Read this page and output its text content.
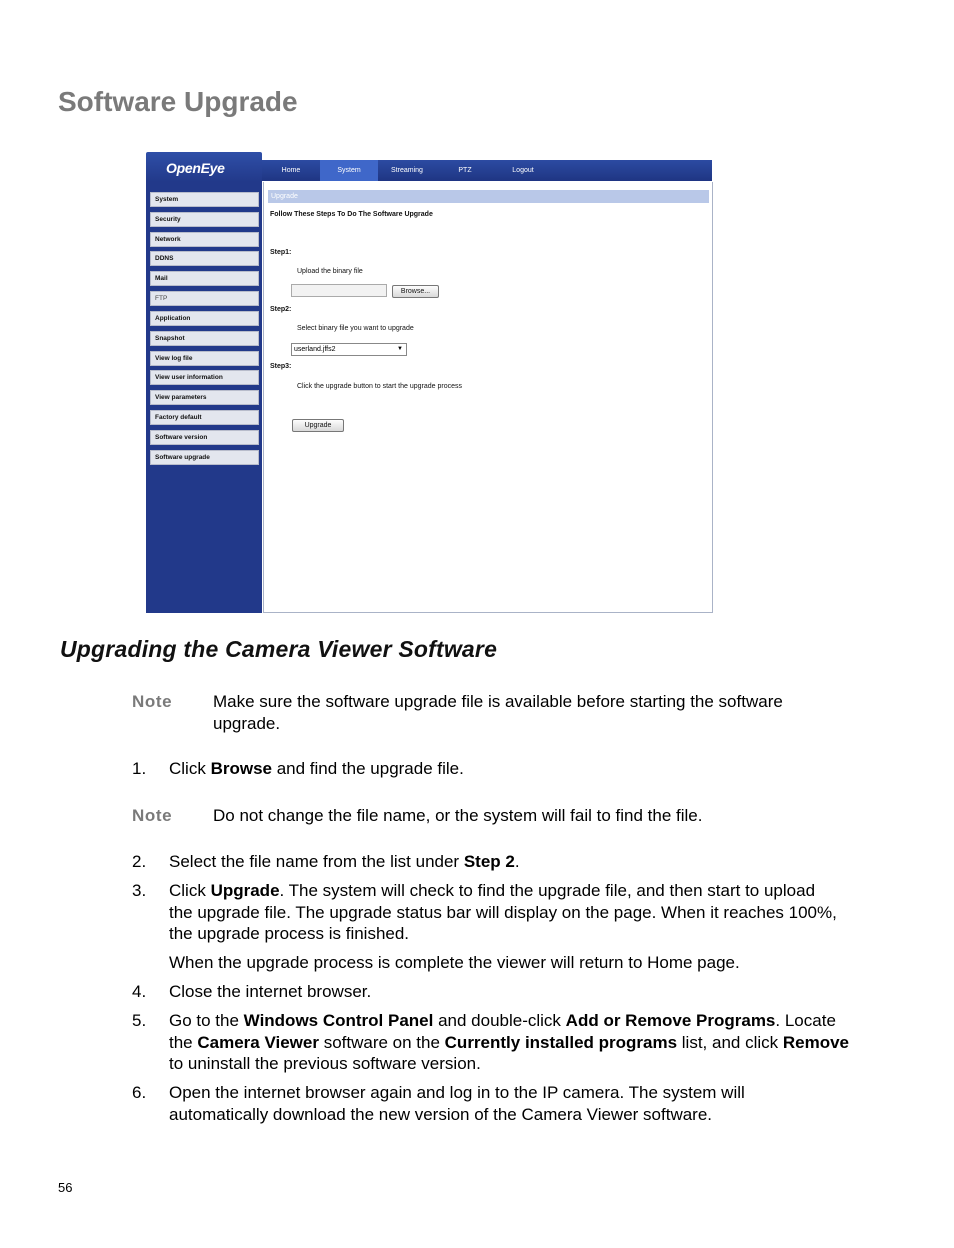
Software Upgrade
OpenEye	Home	System	Streaming	PTZ	Logout
System
Security
Network
DDNS
Mail
FTP
Application
Snapshot
View log file
View user information
View parameters
Factory default
Software version
Software upgrade
Upgrade
Follow These Steps To Do The Software Upgrade
Step1:
Upload the binary file
Browse...
Step2:
Select binary file you want to upgrade
userland.jffs2	▼
Step3:
Click the upgrade button to start the upgrade process
Upgrade
Upgrading the Camera Viewer Software
Note Make sure the software upgrade file is available before starting the software upgrade.
1. Click Browse and find the upgrade file.
Note Do not change the file name, or the system will fail to find the file.
2. Select the file name from the list under Step 2.
3. Click Upgrade. The system will check to find the upgrade file, and then start to upload the upgrade file. The upgrade status bar will display on the page. When it reaches 100%, the upgrade process is finished.
When the upgrade process is complete the viewer will return to Home page.
4. Close the internet browser.
5. Go to the Windows Control Panel and double-click Add or Remove Programs. Locate the Camera Viewer software on the Currently installed programs list, and click Remove to uninstall the previous software version.
6. Open the internet browser again and log in to the IP camera. The system will automatically download the new version of the Camera Viewer software.
56
